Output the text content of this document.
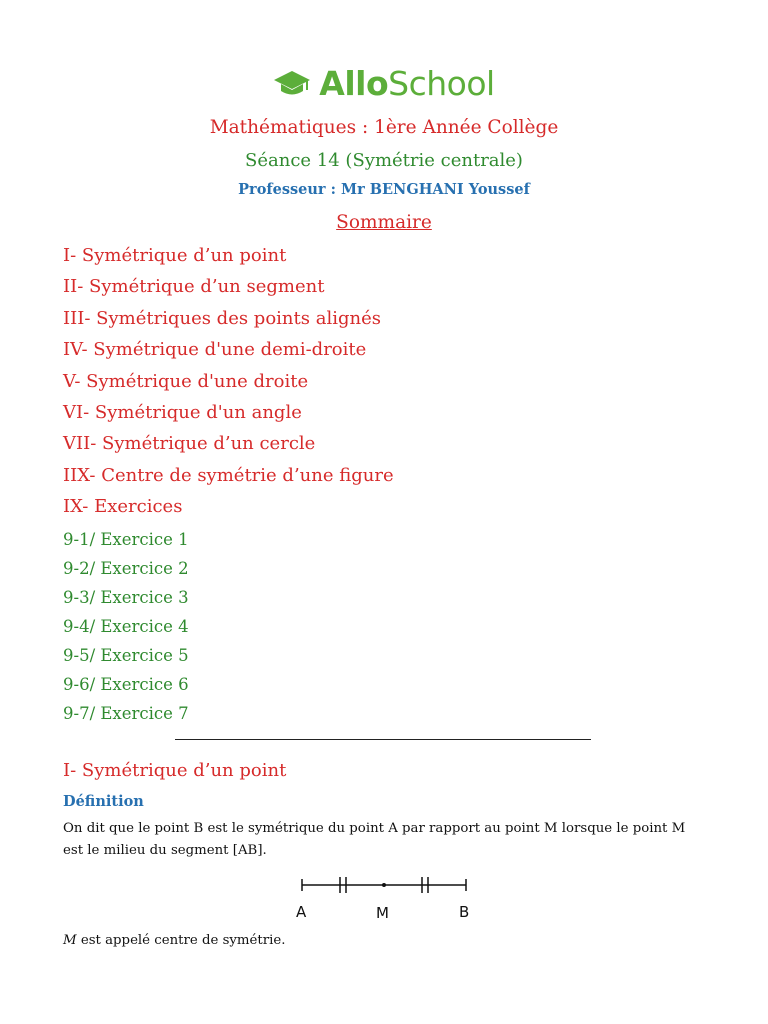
AlloSchool
Mathématiques : 1ère Année Collège
Séance 14 (Symétrie centrale)
Professeur : Mr BENGHANI Youssef
Sommaire
I- Symétrique d’un point
II- Symétrique d’un segment
III- Symétriques des points alignés
IV- Symétrique d'une demi-droite
V- Symétrique d'une droite
VI- Symétrique d'un angle
VII- Symétrique d’un cercle
IIX- Centre de symétrie d’une figure
IX- Exercices
9-1/ Exercice 1
9-2/ Exercice 2
9-3/ Exercice 3
9-4/ Exercice 4
9-5/ Exercice 5
9-6/ Exercice 6
9-7/ Exercice 7
I- Symétrique d’un point
Définition
On dit que le point B est le symétrique du point A par rapport au point M lorsque le point M est le milieu du segment [AB].
A	M	B
M est appelé centre de symétrie.
